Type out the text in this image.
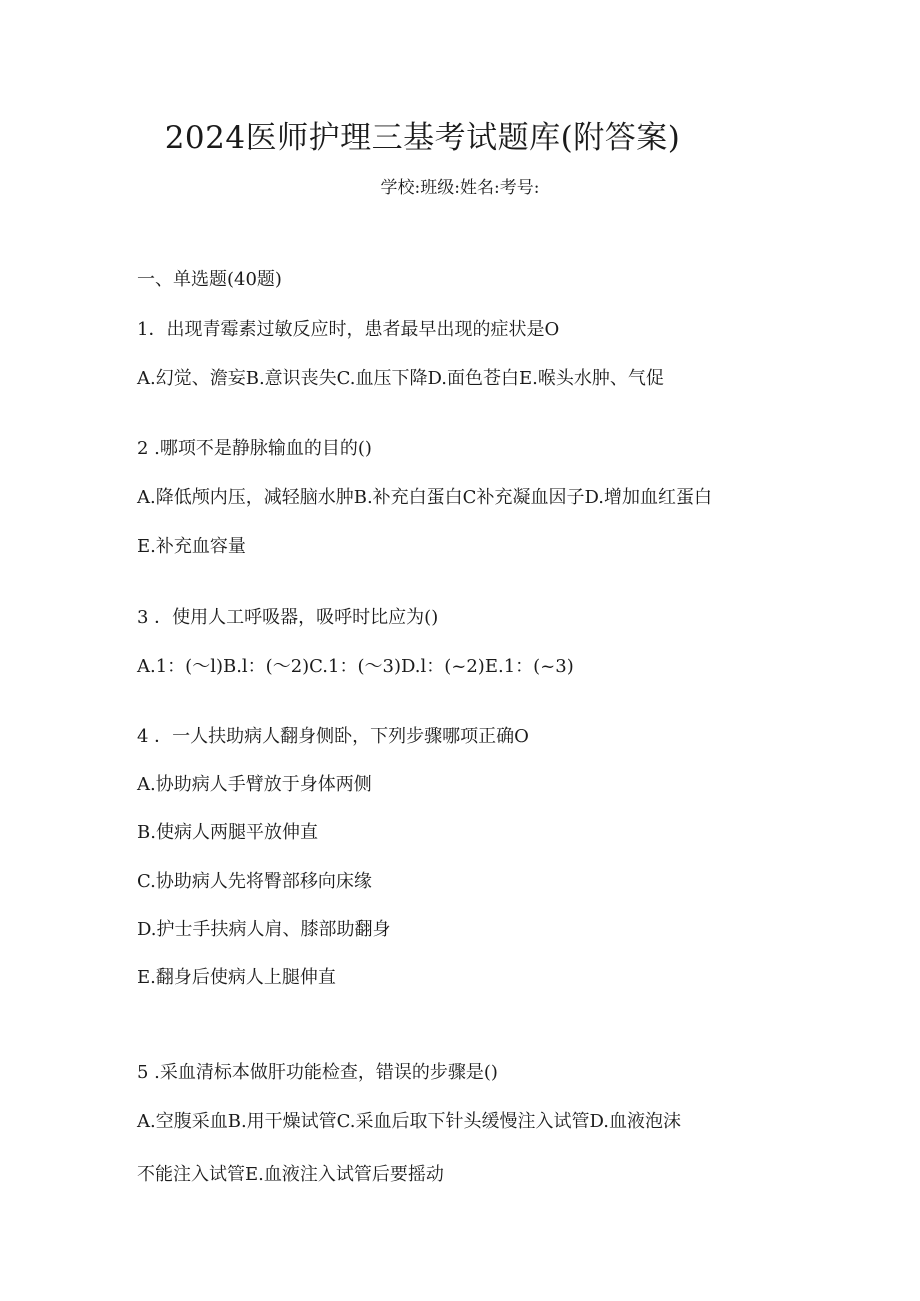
2024医师护理三基考试题库(附答案)
学校:班级:姓名:考号:
一、单选题(40题)
1．出现青霉素过敏反应时，患者最早出现的症状是O
A.幻觉、澹妄B.意识丧失C.血压下降D.面色苍白E.喉头水肿、气促
2 .哪项不是静脉输血的目的()
A.降低颅内压，减轻脑水肿B.补充白蛋白C补充凝血因子D.增加血红蛋白
E.补充血容量
3 ．使用人工呼吸器，吸呼时比应为()
A.1：(〜l)B.l：(〜2)C.1：(〜3)D.l：(~2)E.1：(~3)
4 ．一人扶助病人翻身侧卧，下列步骤哪项正确O
A.协助病人手臂放于身体两侧
B.使病人两腿平放伸直
C.协助病人先将臀部移向床缘
D.护士手扶病人肩、膝部助翻身
E.翻身后使病人上腿伸直
5 .采血清标本做肝功能检查，错误的步骤是()
A.空腹采血B.用干燥试管C.采血后取下针头缓慢注入试管D.血液泡沫
不能注入试管E.血液注入试管后要摇动
